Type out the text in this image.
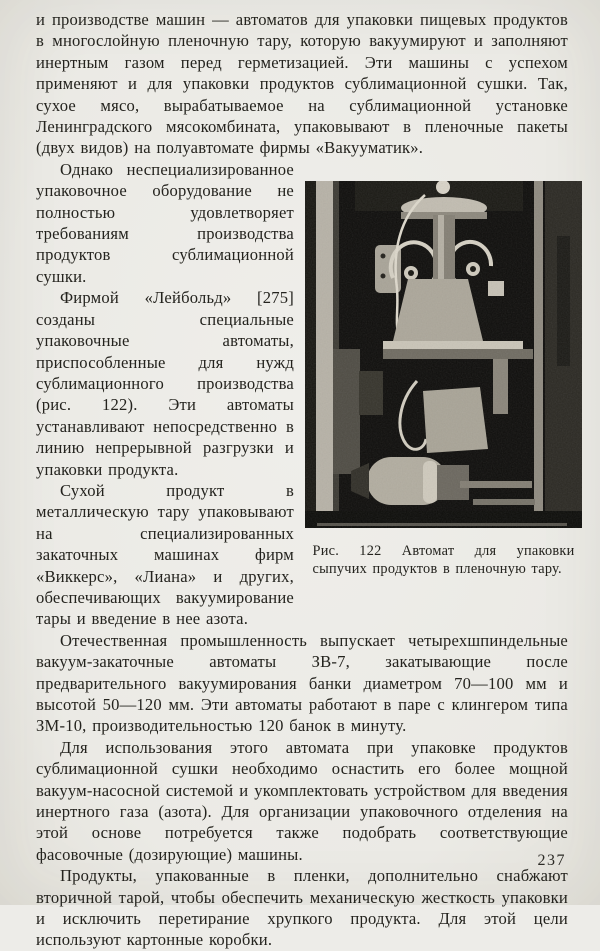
и производстве машин — автоматов для упаковки пищевых продуктов в многослойную пленочную тару, которую вакуумируют и заполняют инертным газом перед герметизацией. Эти машины с успехом применяют и для упаковки продуктов сублимационной сушки. Так, сухое мясо, вырабатываемое на сублимационной установке Ленинградского мясокомбината, упаковывают в пленочные пакеты (двух видов) на полуавтомате фирмы «Вакууматик».

Рис. 122 Автомат для упаковки сыпучих продуктов в пленочную тару.

Однако неспециализированное упаковочное оборудование не полностью удовлетворяет требованиям производства продуктов сублимационной сушки.

Фирмой «Лейбольд» [275] созданы специальные упаковочные автоматы, приспособленные для нужд сублимационного производства (рис. 122). Эти автоматы устанавливают непосредственно в линию непрерывной разгрузки и упаковки продукта.

Сухой продукт в металлическую тару упаковывают на специализированных закаточных машинах фирм «Виккерс», «Лиана» и других, обеспечивающих вакуумирование тары и введение в нее азота.

Отечественная промышленность выпускает четырехшпиндельные вакуум-закаточные автоматы ЗВ-7, закатывающие после предварительного вакуумирования банки диаметром 70—100 мм и высотой 50—120 мм. Эти автоматы работают в паре с клингером типа ЗМ-10, производительностью 120 банок в минуту.

Для использования этого автомата при упаковке продуктов сублимационной сушки необходимо оснастить его более мощной вакуум-насосной системой и укомплектовать устройством для введения инертного газа (азота). Для организации упаковочного отделения на этой основе потребуется также подобрать соответствующие фасовочные (дозирующие) машины.

Продукты, упакованные в пленки, дополнительно снабжают вторичной тарой, чтобы обеспечить механическую жесткость упаковки и исключить перетирание хрупкого продукта. Для этой цели используют картонные коробки.

237
